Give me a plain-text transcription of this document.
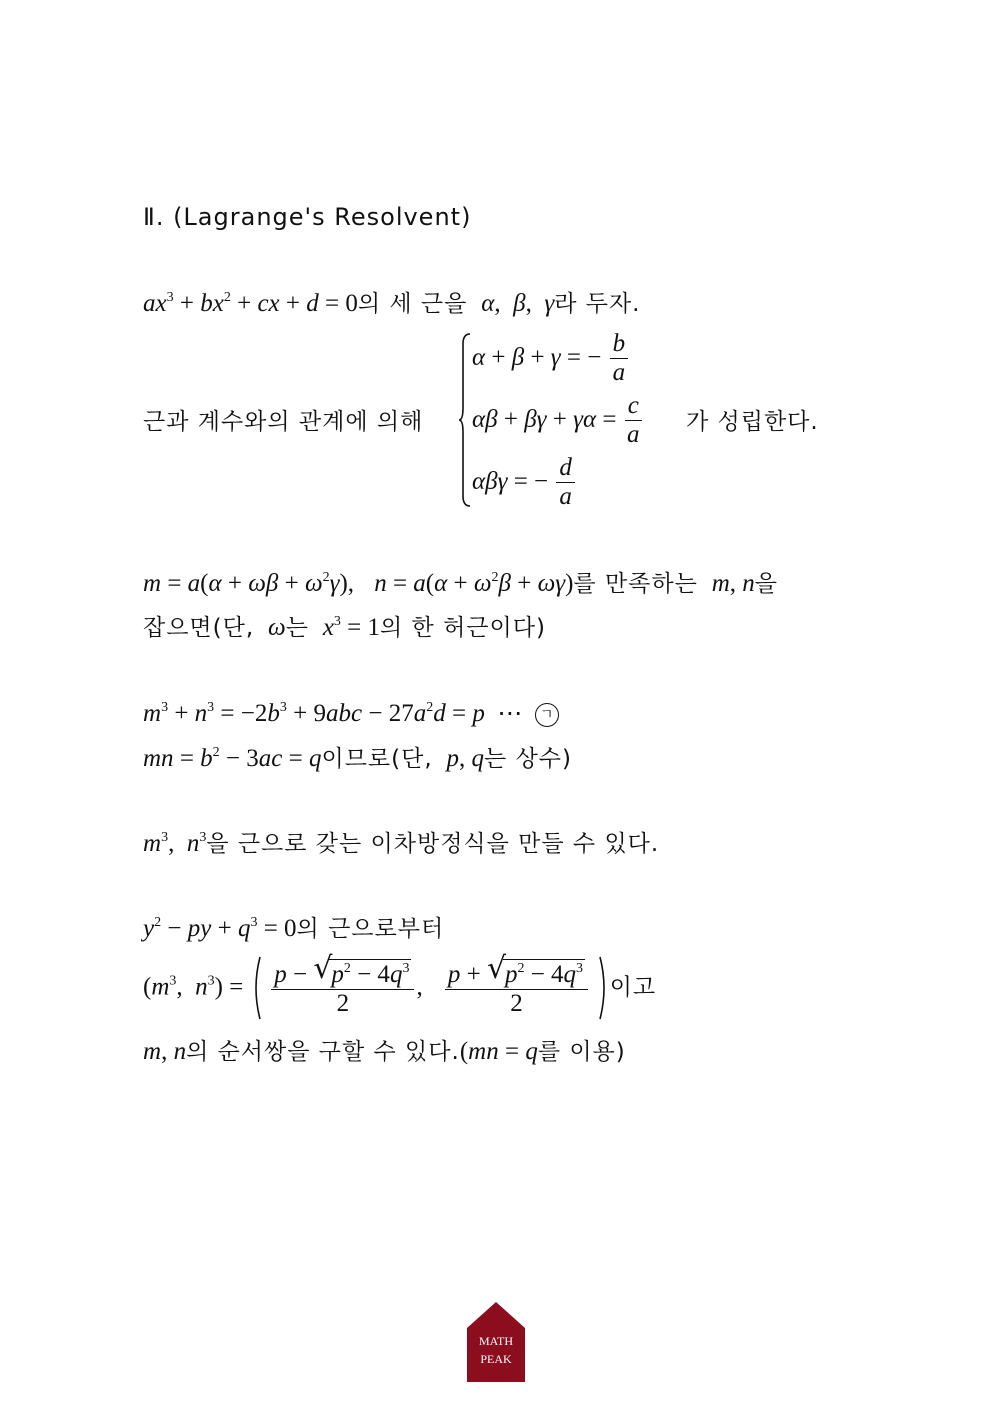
Ⅱ. (Lagrange's Resolvent)
$ax^3 + bx^2$ + cx + d = 0의 세 근을  α,  β,  γ라 두자.
근과 계수와의 관계에 의해
α + β + γ = − $\frac{b}{a}$
$\alpha\beta + \beta\gamma + \gamma\alpha = \frac{c}{a}$
αβγ = − $\frac{d}{a}$
가 성립한다.
$m = a(\alpha + \omega\beta + \omega^2\gamma)$,   $n = a(\alpha + \omega^2\beta + \omega\gamma)$를 만족하는  m, n을
잡으면(단,  ω는  $x^3 = 1$의 한 허근이다)
$m^3 + n^3 = -2b^3 + 9abc - 27a^2d = p$  ⋯  ㄱ
mn = $b^2 - 3ac = q$이므로(단,  p, q는 상수)
$m^3$,  $n^3$을 근으로 갖는 이차방정식을 만들 수 있다.
$y^2$ − py + $q^3 = 0$의 근으로부터
($m^3$,  $n^3) = p$ − √
$p^2 - 4q^3$
2 , p + √
$p^2 - 4q^3$
2 이고
m, n의 순서쌍을 구할 수 있다.(mn = q를 이용)
MATH
PEAK
